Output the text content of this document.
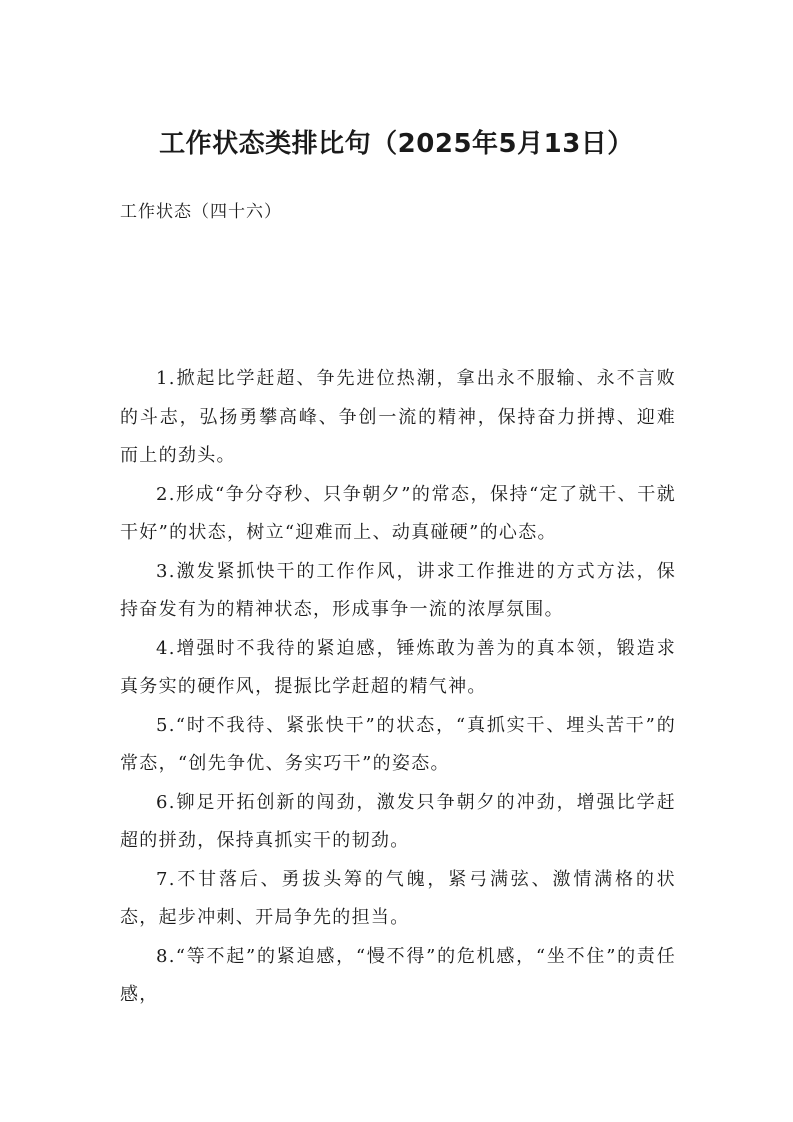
工作状态类排比句（2025年5月13日）

工作状态（四十六）

1.掀起比学赶超、争先进位热潮，拿出永不服输、永不言败的斗志，弘扬勇攀高峰、争创一流的精神，保持奋力拼搏、迎难而上的劲头。

2.形成“争分夺秒、只争朝夕”的常态，保持“定了就干、干就干好”的状态，树立“迎难而上、动真碰硬”的心态。

3.激发紧抓快干的工作作风，讲求工作推进的方式方法，保持奋发有为的精神状态，形成事争一流的浓厚氛围。

4.增强时不我待的紧迫感，锤炼敢为善为的真本领，锻造求真务实的硬作风，提振比学赶超的精气神。

5.“时不我待、紧张快干”的状态，“真抓实干、埋头苦干”的常态，“创先争优、务实巧干”的姿态。

6.铆足开拓创新的闯劲，激发只争朝夕的冲劲，增强比学赶超的拼劲，保持真抓实干的韧劲。

7.不甘落后、勇拔头筹的气魄，紧弓满弦、激情满格的状态，起步冲刺、开局争先的担当。

8.“等不起”的紧迫感，“慢不得”的危机感，“坐不住”的责任感，
